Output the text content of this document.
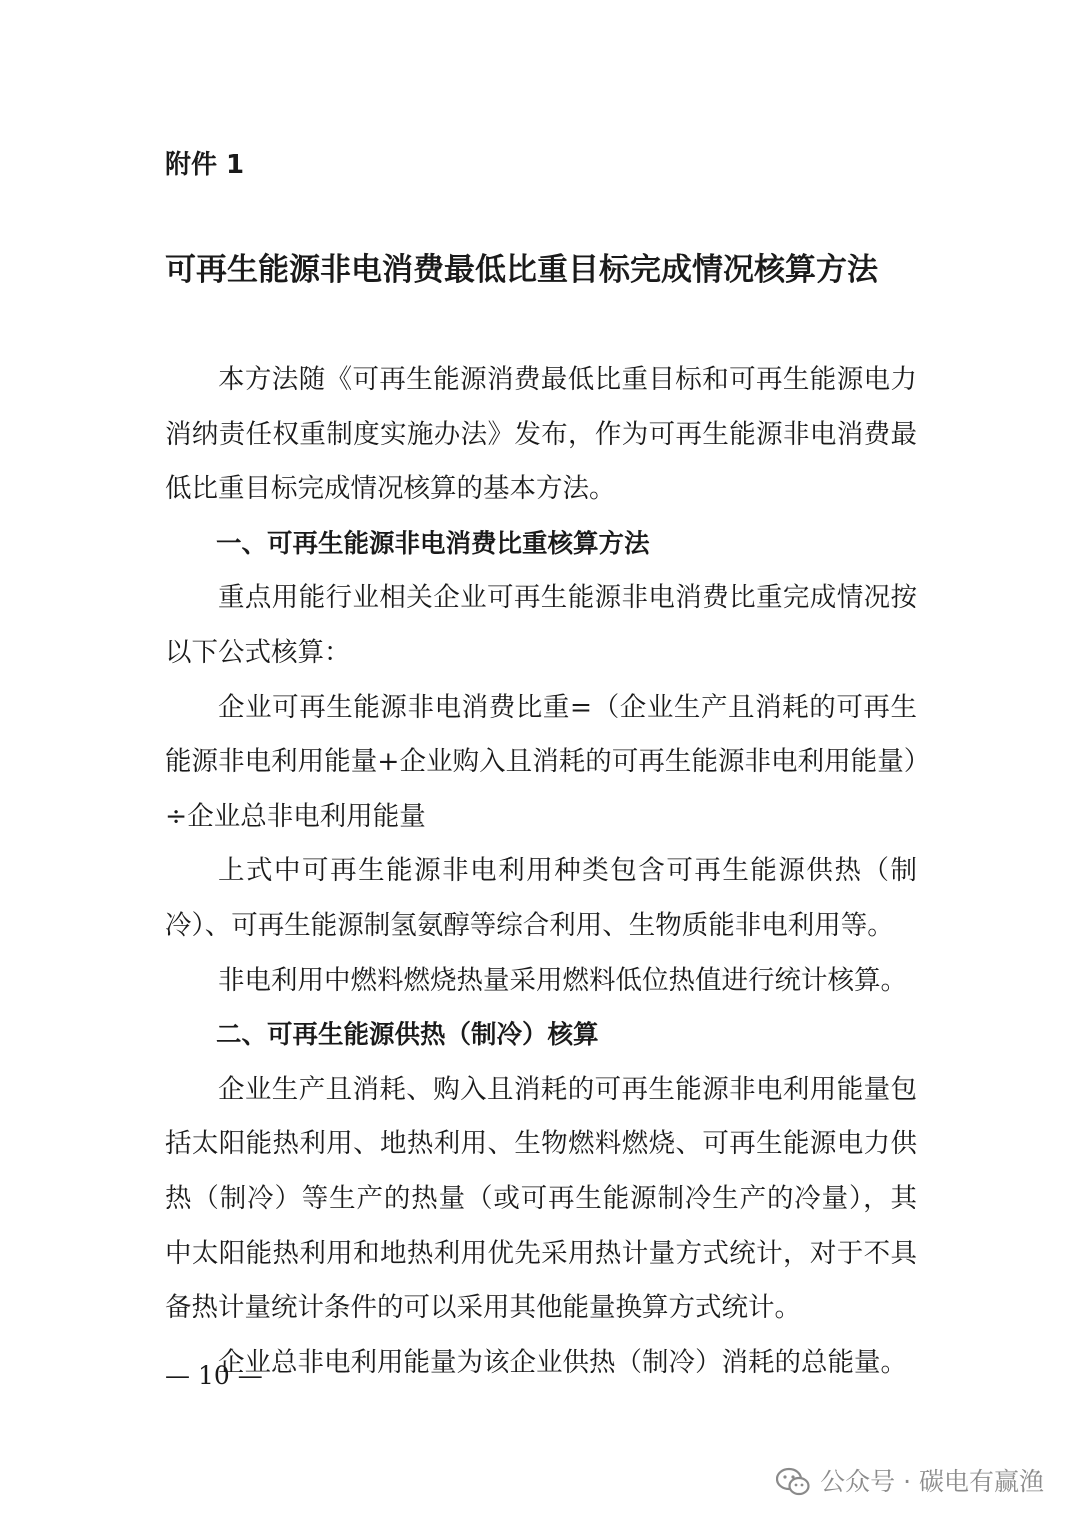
附件 1
可再生能源非电消费最低比重目标完成情况核算方法

本方法随《可再生能源消费最低比重目标和可再生能源电力消纳责任权重制度实施办法》发布，作为可再生能源非电消费最低比重目标完成情况核算的基本方法。

一、可再生能源非电消费比重核算方法

重点用能行业相关企业可再生能源非电消费比重完成情况按以下公式核算：

企业可再生能源非电消费比重=（企业生产且消耗的可再生能源非电利用能量+企业购入且消耗的可再生能源非电利用能量）÷企业总非电利用能量

上式中可再生能源非电利用种类包含可再生能源供热（制冷）、可再生能源制氢氨醇等综合利用、生物质能非电利用等。

非电利用中燃料燃烧热量采用燃料低位热值进行统计核算。

二、可再生能源供热（制冷）核算

企业生产且消耗、购入且消耗的可再生能源非电利用能量包括太阳能热利用、地热利用、生物燃料燃烧、可再生能源电力供热（制冷）等生产的热量（或可再生能源制冷生产的冷量），其中太阳能热利用和地热利用优先采用热计量方式统计，对于不具备热计量统计条件的可以采用其他能量换算方式统计。

企业总非电利用能量为该企业供热（制冷）消耗的总能量。

— 10 —
公众号 · 碳电有赢渔
